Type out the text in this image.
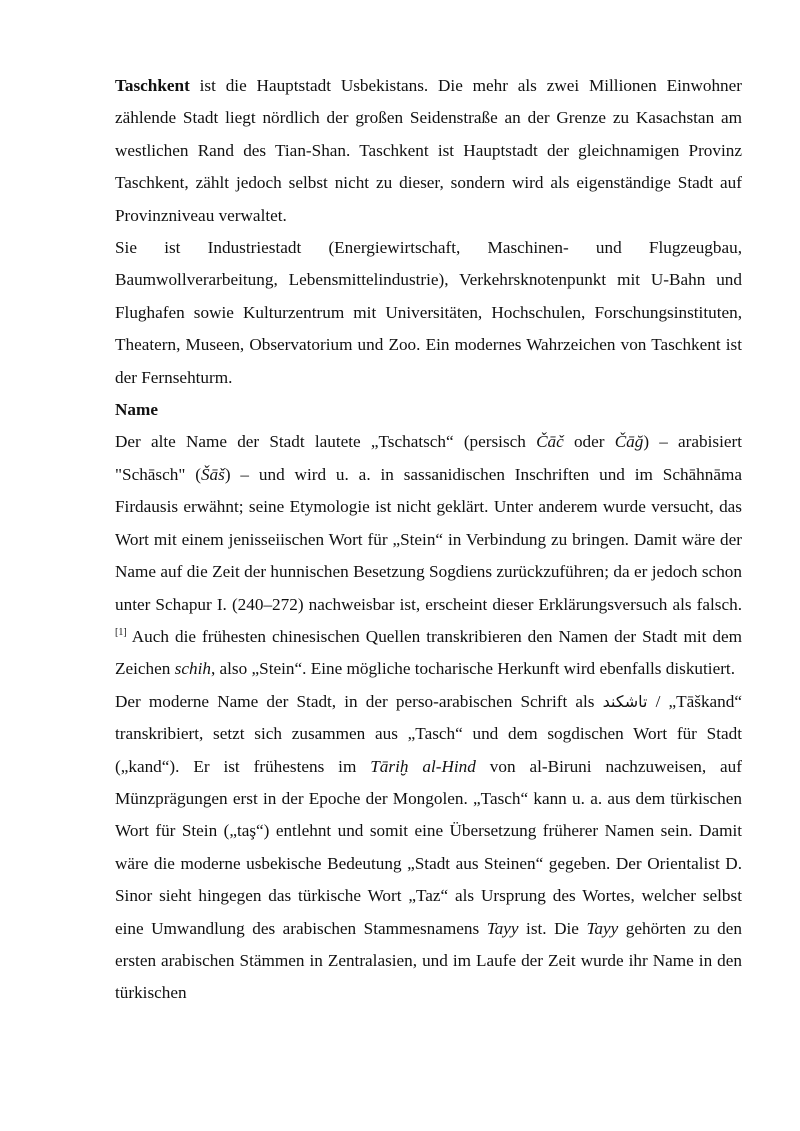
Taschkent ist die Hauptstadt Usbekistans. Die mehr als zwei Millionen Einwohner zählende Stadt liegt nördlich der großen Seidenstraße an der Grenze zu Kasachstan am westlichen Rand des Tian-Shan. Taschkent ist Hauptstadt der gleichnamigen Provinz Taschkent, zählt jedoch selbst nicht zu dieser, sondern wird als eigenständige Stadt auf Provinzniveau verwaltet.

Sie ist Industriestadt (Energiewirtschaft, Maschinen- und Flugzeugbau, Baumwollverarbeitung, Lebensmittelindustrie), Verkehrsknotenpunkt mit U-Bahn und Flughafen sowie Kulturzentrum mit Universitäten, Hochschulen, Forschungsinstituten, Theatern, Museen, Observatorium und Zoo. Ein modernes Wahrzeichen von Taschkent ist der Fernsehturm.

Name

Der alte Name der Stadt lautete „Tschatsch“ (persisch Čāč oder Čāğ) – arabisiert "Schāsch" (Šāš) – und wird u. a. in sassanidischen Inschriften und im Schāhnāma Firdausis erwähnt; seine Etymologie ist nicht geklärt. Unter anderem wurde versucht, das Wort mit einem jenisseiischen Wort für „Stein“ in Verbindung zu bringen. Damit wäre der Name auf die Zeit der hunnischen Besetzung Sogdiens zurückzuführen; da er jedoch schon unter Schapur I. (240–272) nachweisbar ist, erscheint dieser Erklärungsversuch als falsch.[1] Auch die frühesten chinesischen Quellen transkribieren den Namen der Stadt mit dem Zeichen schih, also „Stein“. Eine mögliche tocharische Herkunft wird ebenfalls diskutiert.

Der moderne Name der Stadt, in der perso-arabischen Schrift als تاشکند / „Tāškand“ transkribiert, setzt sich zusammen aus „Tasch“ und dem sogdischen Wort für Stadt („kand“). Er ist frühestens im Tāriḫ al-Hind von al-Biruni nachzuweisen, auf Münzprägungen erst in der Epoche der Mongolen. „Tasch“ kann u. a. aus dem türkischen Wort für Stein („taş“) entlehnt und somit eine Übersetzung früherer Namen sein. Damit wäre die moderne usbekische Bedeutung „Stadt aus Steinen“ gegeben. Der Orientalist D. Sinor sieht hingegen das türkische Wort „Taz“ als Ursprung des Wortes, welcher selbst eine Umwandlung des arabischen Stammesnamens Tayy ist. Die Tayy gehörten zu den ersten arabischen Stämmen in Zentralasien, und im Laufe der Zeit wurde ihr Name in den türkischen
